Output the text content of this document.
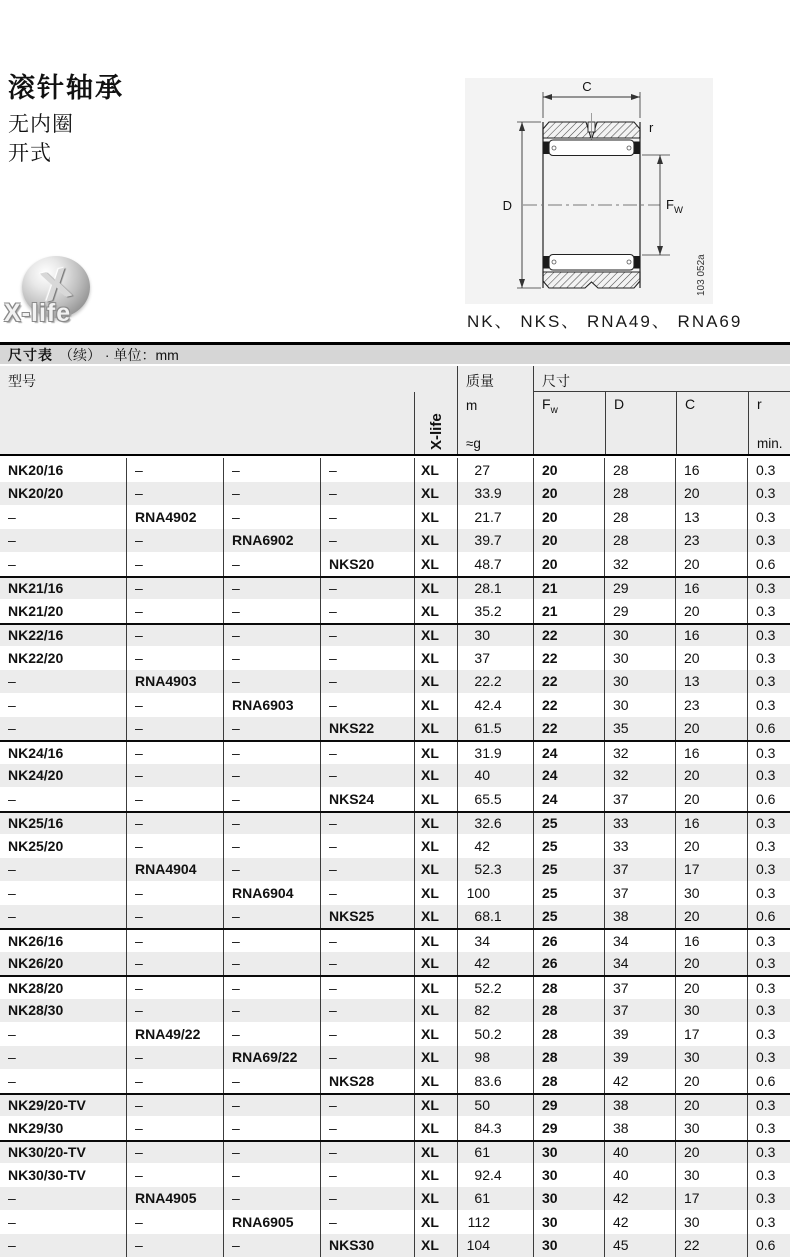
滚针轴承
无内圈
开式
X
X-life
C
r
D	$F_W$
103 052a
NK、 NKS、 RNA49、 RNA69
尺寸表 （续） · 单位：mm
型号
X-life
质量
m
≈g
尺寸
$F_w$	D	C	r
min.
NK20/16	–	–	–	XL	27	20	28	16	0.3
NK20/20	–	–	–	XL	33 .9	20	28	20	0.3
–	RNA4902	–	–	XL	21 .7	20	28	13	0.3
–	–	RNA6902	–	XL	39 .7	20	28	23	0.3
–	–	–	NKS20	XL	48 .7	20	32	20	0.6
NK21/16	–	–	–	XL	28 .1	21	29	16	0.3
NK21/20	–	–	–	XL	35 .2	21	29	20	0.3
NK22/16	–	–	–	XL	30	22	30	16	0.3
NK22/20	–	–	–	XL	37	22	30	20	0.3
–	RNA4903	–	–	XL	22 .2	22	30	13	0.3
–	–	RNA6903	–	XL	42 .4	22	30	23	0.3
–	–	–	NKS22	XL	61 .5	22	35	20	0.6
NK24/16	–	–	–	XL	31 .9	24	32	16	0.3
NK24/20	–	–	–	XL	40	24	32	20	0.3
–	–	–	NKS24	XL	65 .5	24	37	20	0.6
NK25/16	–	–	–	XL	32 .6	25	33	16	0.3
NK25/20	–	–	–	XL	42	25	33	20	0.3
–	RNA4904	–	–	XL	52 .3	25	37	17	0.3
–	–	RNA6904	–	XL	100	25	37	30	0.3
–	–	–	NKS25	XL	68 .1	25	38	20	0.6
NK26/16	–	–	–	XL	34	26	34	16	0.3
NK26/20	–	–	–	XL	42	26	34	20	0.3
NK28/20	–	–	–	XL	52 .2	28	37	20	0.3
NK28/30	–	–	–	XL	82	28	37	30	0.3
–	RNA49/22	–	–	XL	50 .2	28	39	17	0.3
–	–	RNA69/22	–	XL	98	28	39	30	0.3
–	–	–	NKS28	XL	83 .6	28	42	20	0.6
NK29/20-TV	–	–	–	XL	50	29	38	20	0.3
NK29/30	–	–	–	XL	84 .3	29	38	30	0.3
NK30/20-TV	–	–	–	XL	61	30	40	20	0.3
NK30/30-TV	–	–	–	XL	92 .4	30	40	30	0.3
–	RNA4905	–	–	XL	61	30	42	17	0.3
–	–	RNA6905	–	XL	112	30	42	30	0.3
–	–	–	NKS30	XL	104	30	45	22	0.6
